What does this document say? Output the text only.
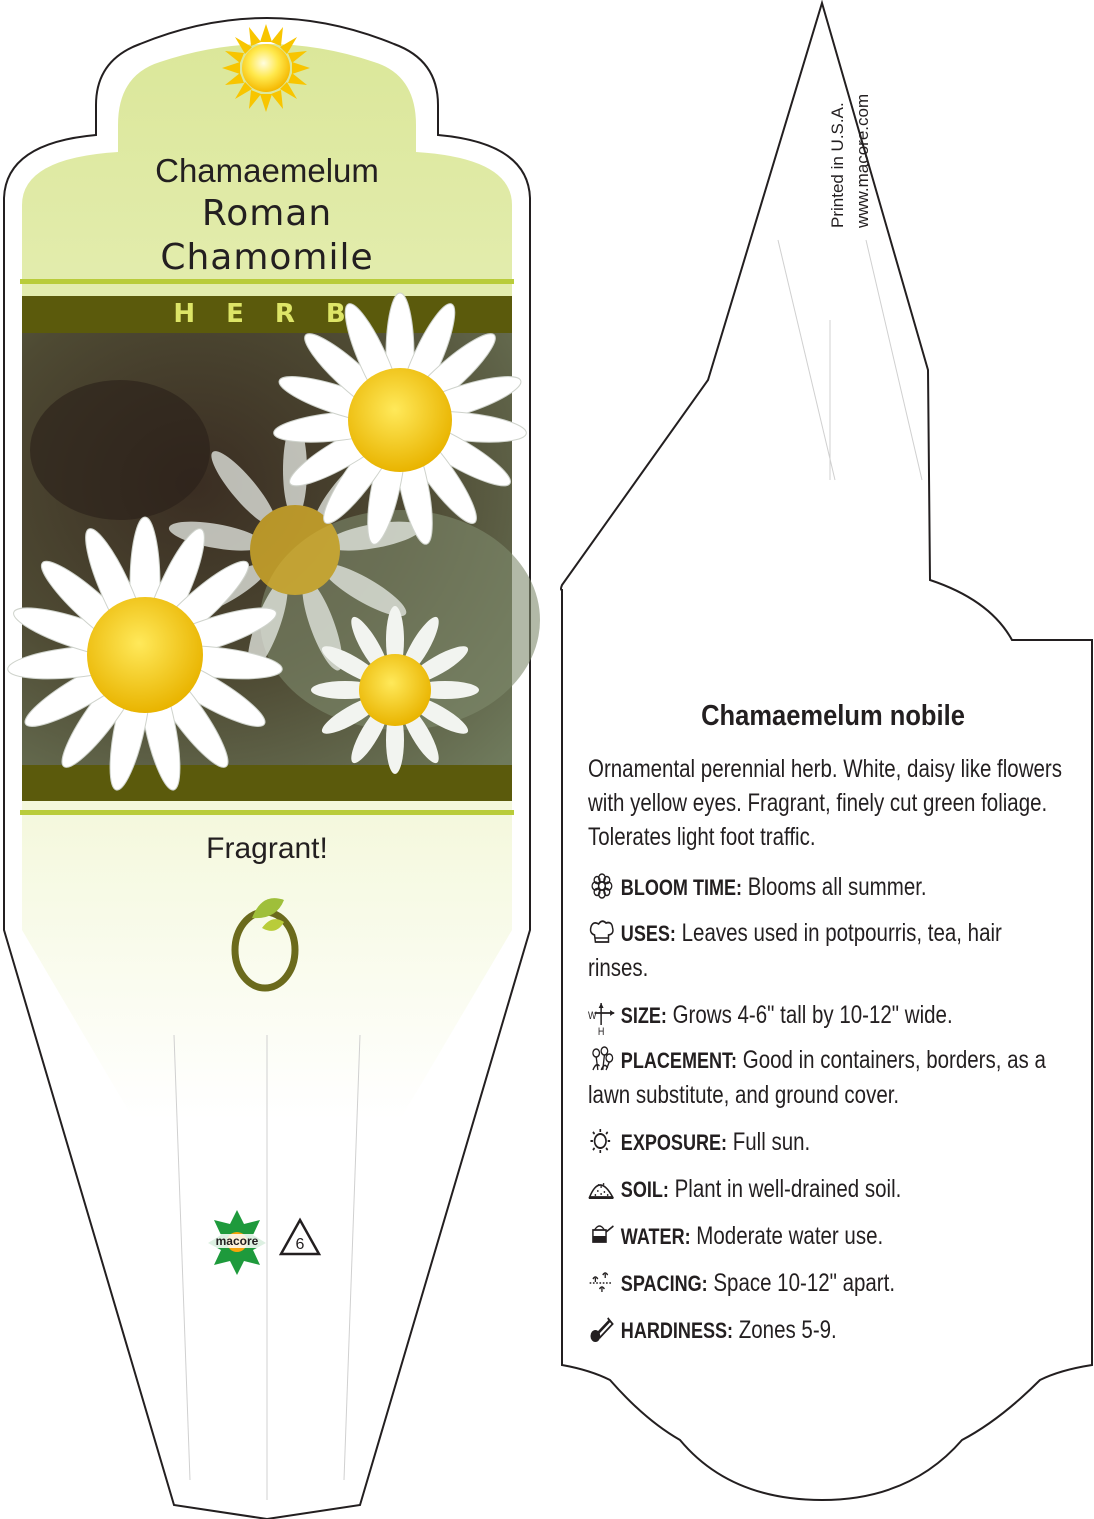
Chamaemelum
Roman
Chamomile
HERB
Fragrant!
macore	6
Printed in U.S.A. www.macore.com
Chamaemelum nobile
Ornamental perennial herb. White, daisy like flowers with yellow eyes. Fragrant, finely cut green foliage. Tolerates light foot traffic.
BLOOM TIME: Blooms all summer.
USES: Leaves used in potpourris, tea, hair rinses.
W
H
SIZE: Grows 4-6" tall by 10-12" wide.
PLACEMENT: Good in containers, borders, as a lawn substitute, and ground cover.
EXPOSURE: Full sun.
SOIL: Plant in well-drained soil.
WATER: Moderate water use.
SPACING: Space 10-12" apart.
HARDINESS: Zones 5-9.
